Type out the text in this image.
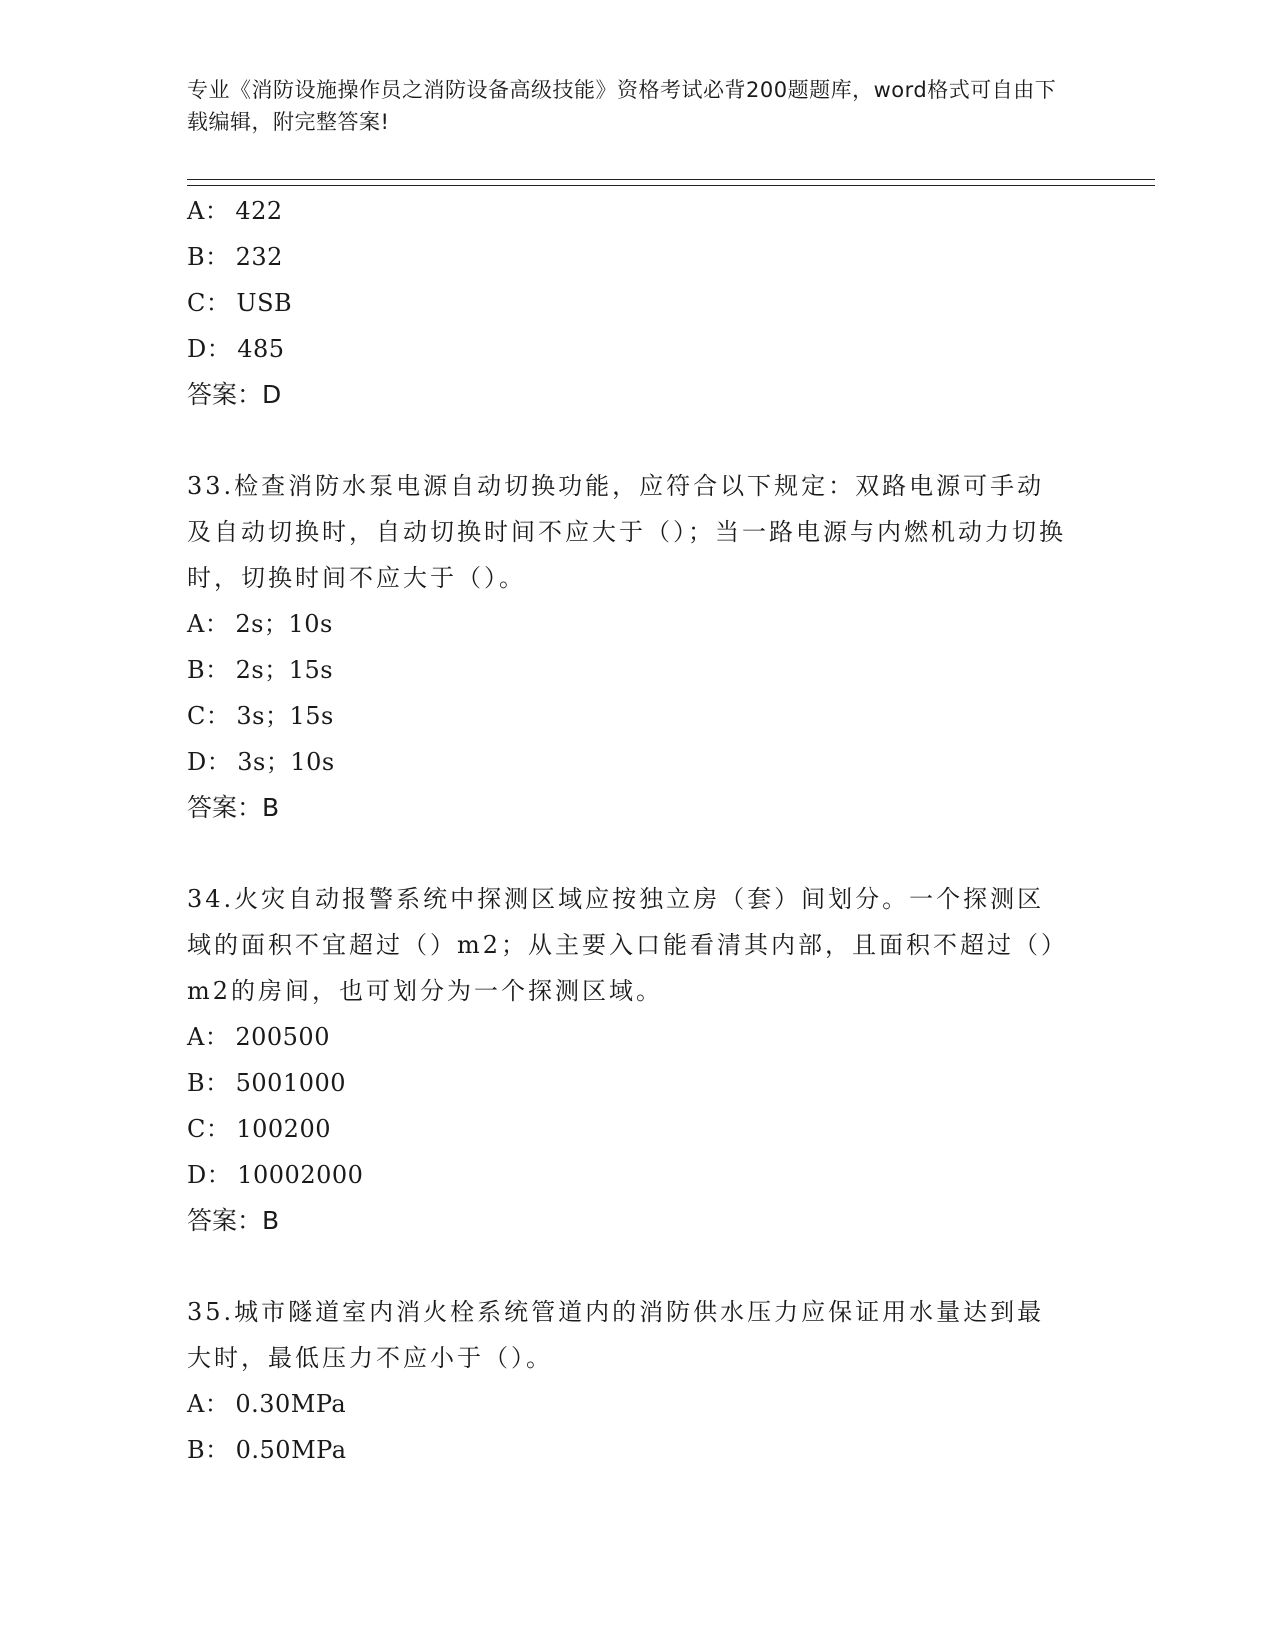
专业《消防设施操作员之消防设备高级技能》资格考试必背200题题库，word格式可自由下载编辑，附完整答案!
A： 422
B： 232
C： USB
D： 485
答案：D
33.检查消防水泵电源自动切换功能，应符合以下规定：双路电源可手动及自动切换时，自动切换时间不应大于（）；当一路电源与内燃机动力切换时，切换时间不应大于（）。
A： 2s；10s
B： 2s；15s
C： 3s；15s
D： 3s；10s
答案：B
34.火灾自动报警系统中探测区域应按独立房（套）间划分。一个探测区域的面积不宜超过（）m2；从主要入口能看清其内部，且面积不超过（）m2的房间，也可划分为一个探测区域。
A： 200500
B： 5001000
C： 100200
D： 10002000
答案：B
35.城市隧道室内消火栓系统管道内的消防供水压力应保证用水量达到最大时，最低压力不应小于（）。
A： 0.30MPa
B： 0.50MPa
